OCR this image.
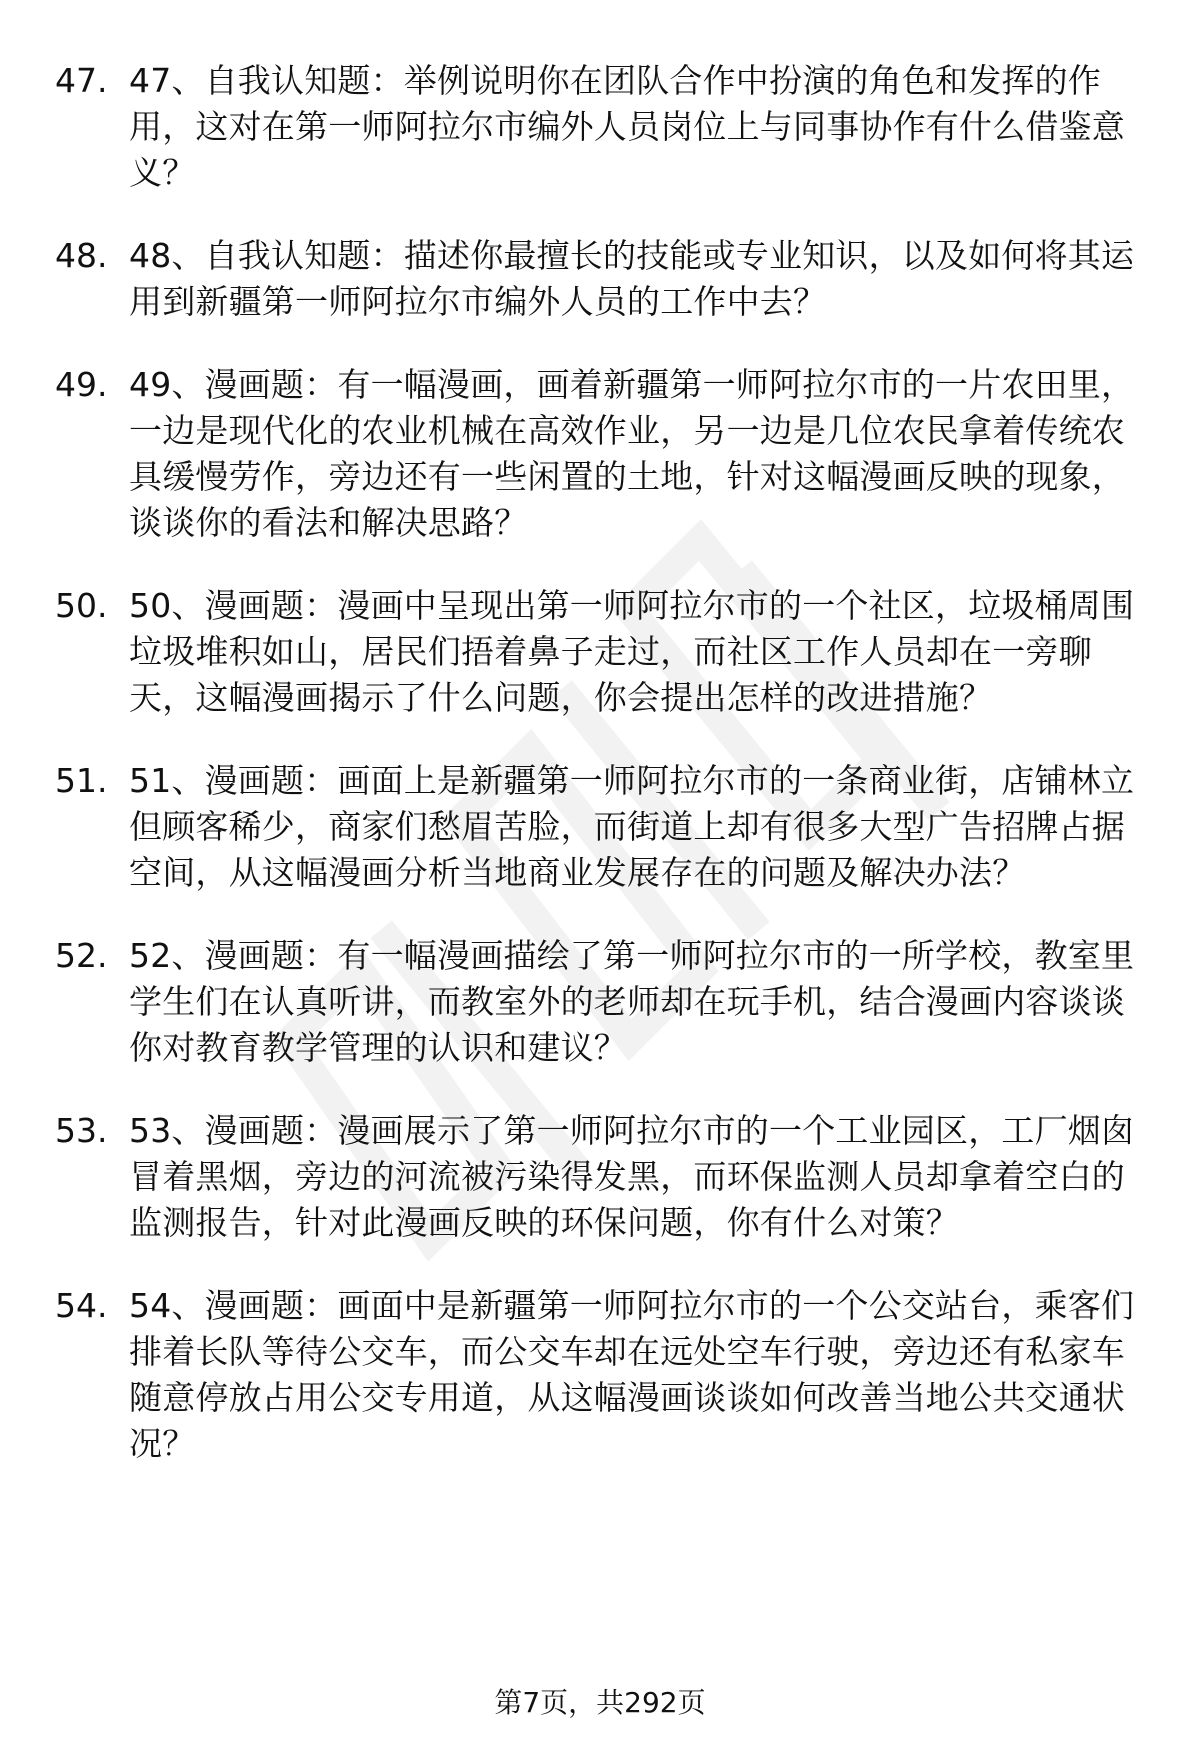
47. 47、自我认知题：举例说明你在团队合作中扮演的角色和发挥的作用，这对在第一师阿拉尔市编外人员岗位上与同事协作有什么借鉴意义？
48. 48、自我认知题：描述你最擅长的技能或专业知识，以及如何将其运用到新疆第一师阿拉尔市编外人员的工作中去？
49. 49、漫画题：有一幅漫画，画着新疆第一师阿拉尔市的一片农田里，一边是现代化的农业机械在高效作业，另一边是几位农民拿着传统农具缓慢劳作，旁边还有一些闲置的土地，针对这幅漫画反映的现象，谈谈你的看法和解决思路？
50. 50、漫画题：漫画中呈现出第一师阿拉尔市的一个社区，垃圾桶周围垃圾堆积如山，居民们捂着鼻子走过，而社区工作人员却在一旁聊天，这幅漫画揭示了什么问题，你会提出怎样的改进措施？
51. 51、漫画题：画面上是新疆第一师阿拉尔市的一条商业街，店铺林立但顾客稀少，商家们愁眉苦脸，而街道上却有很多大型广告招牌占据空间，从这幅漫画分析当地商业发展存在的问题及解决办法？
52. 52、漫画题：有一幅漫画描绘了第一师阿拉尔市的一所学校，教室里学生们在认真听讲，而教室外的老师却在玩手机，结合漫画内容谈谈你对教育教学管理的认识和建议？
53. 53、漫画题：漫画展示了第一师阿拉尔市的一个工业园区，工厂烟囱冒着黑烟，旁边的河流被污染得发黑，而环保监测人员却拿着空白的监测报告，针对此漫画反映的环保问题，你有什么对策？
54. 54、漫画题：画面中是新疆第一师阿拉尔市的一个公交站台，乘客们排着长队等待公交车，而公交车却在远处空车行驶，旁边还有私家车随意停放占用公交专用道，从这幅漫画谈谈如何改善当地公共交通状况？
第7页，共292页
